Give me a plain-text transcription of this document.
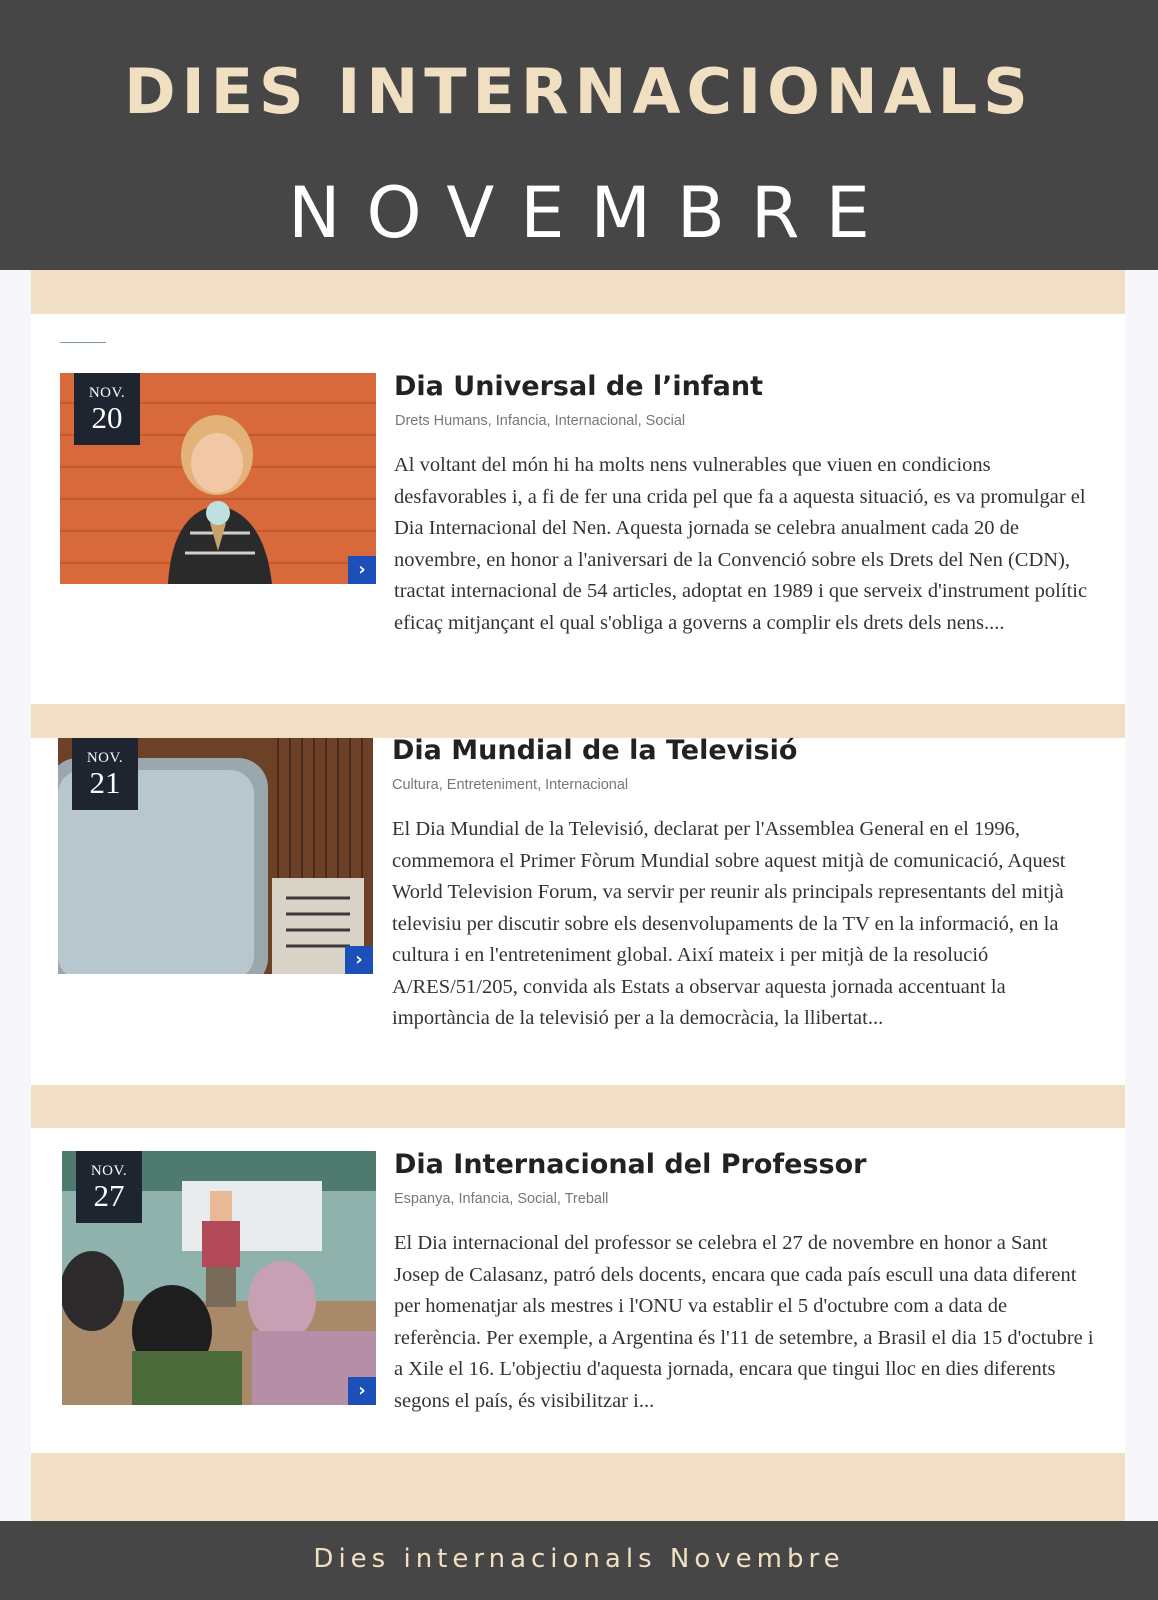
DIES INTERNACIONALS
NOVEMBRE
NOV.
20
›
Dia Universal de l’infant
Drets Humans, Infancia, Internacional, Social

Al voltant del món hi ha molts nens vulnerables que viuen en condicions desfavorables i, a fi de fer una crida pel que fa a aquesta situació, es va promulgar el Dia Internacional del Nen. Aquesta jornada se celebra anualment cada 20 de novembre, en honor a l'aniversari de la Convenció sobre els Drets del Nen (CDN), tractat internacional de 54 articles, adoptat en 1989 i que serveix d'instrument polític eficaç mitjançant el qual s'obliga a governs a complir els drets dels nens....

NOV.
21
›
Dia Mundial de la Televisió
Cultura, Entreteniment, Internacional

El Dia Mundial de la Televisió, declarat per l'Assemblea General en el 1996, commemora el Primer Fòrum Mundial sobre aquest mitjà de comunicació, Aquest World Television Forum, va servir per reunir als principals representants del mitjà televisiu per discutir sobre els desenvolupaments de la TV en la informació, en la cultura i en l'entreteniment global. Així mateix i per mitjà de la resolució A/RES/51/205, convida als Estats a observar aquesta jornada accentuant la importància de la televisió per a la democràcia, la llibertat...

NOV.
27
›
Dia Internacional del Professor
Espanya, Infancia, Social, Treball

El Dia internacional del professor se celebra el 27 de novembre en honor a Sant Josep de Calasanz, patró dels docents, encara que cada país escull una data diferent per homenatjar als mestres i l'ONU va establir el 5 d'octubre com a data de referència. Per exemple, a Argentina és l'11 de setembre, a Brasil el dia 15 d'octubre i a Xile el 16. L'objectiu d'aquesta jornada, encara que tingui lloc en dies diferents segons el país, és visibilitzar i...

Dies internacionals Novembre
